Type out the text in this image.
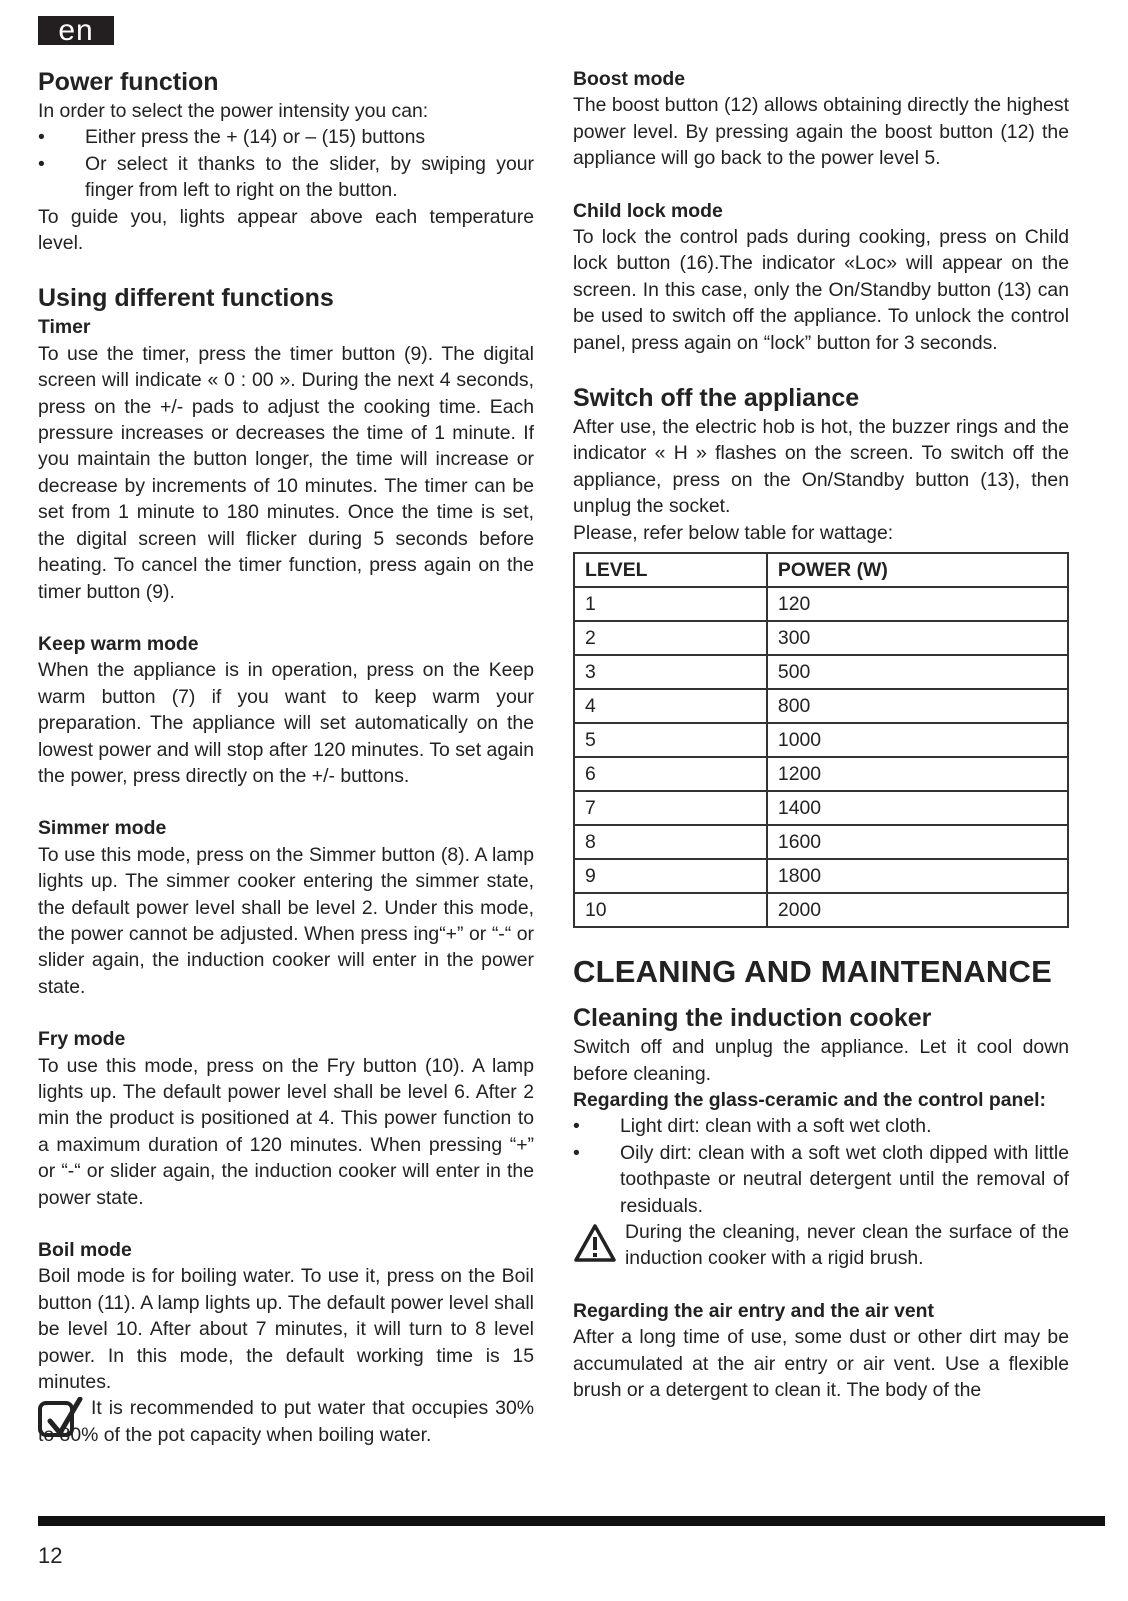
en
Power function

In order to select the power intensity you can:

• Either press the + (14) or – (15) buttons
• Or select it thanks to the slider, by swiping your finger from left to right on the button.

To guide you, lights appear above each temperature level.

Using different functions
Timer

To use the timer, press the timer button (9). The digital screen will indicate « 0 : 00 ». During the next 4 seconds, press on the +/- pads to adjust the cooking time. Each pressure increases or decreases the time of 1 minute. If you maintain the button longer, the time will increase or decrease by increments of 10 minutes. The timer can be set from 1 minute to 180 minutes. Once the time is set, the digital screen will flicker during 5 seconds before heating. To cancel the timer function, press again on the timer button (9).

Keep warm mode

When the appliance is in operation, press on the Keep warm button (7) if you want to keep warm your preparation. The appliance will set automatically on the lowest power and will stop after 120 minutes. To set again the power, press directly on the +/- buttons.

Simmer mode

To use this mode, press on the Simmer button (8). A lamp lights up. The simmer cooker entering the simmer state, the default power level shall be level 2. Under this mode, the power cannot be adjusted. When press ing“+” or “-“ or slider again, the induction cooker will enter in the power state.

Fry mode

To use this mode, press on the Fry button (10). A lamp lights up. The default power level shall be level 6. After 2 min the product is positioned at 4. This power function to a maximum duration of 120 minutes. When pressing “+” or “-“ or slider again, the induction cooker will enter in the power state.

Boil mode

Boil mode is for boiling water. To use it, press on the Boil button (11). A lamp lights up. The default power level shall be level 10. After about 7 minutes, it will turn to 8 level power. In this mode, the default working time is 15 minutes.

It is recommended to put water that occupies 30% to 80% of the pot capacity when boiling water.

Boost mode

The boost button (12) allows obtaining directly the highest power level. By pressing again the boost button (12) the appliance will go back to the power level 5.

Child lock mode

To lock the control pads during cooking, press on Child lock button (16).The indicator «Loc» will appear on the screen. In this case, only the On/Standby button (13) can be used to switch off the appliance. To unlock the control panel, press again on “lock” button for 3 seconds.

Switch off the appliance

After use, the electric hob is hot, the buzzer rings and the indicator « H » flashes on the screen. To switch off the appliance, press on the On/Standby button (13), then unplug the socket.

Please, refer below table for wattage:

LEVEL	POWER (W)
1	120
2	300
3	500
4	800
5	1000
6	1200
7	1400
8	1600
9	1800
10	2000
CLEANING AND MAINTENANCE
Cleaning the induction cooker

Switch off and unplug the appliance. Let it cool down before cleaning.

Regarding the glass-ceramic and the control panel:
• Light dirt: clean with a soft wet cloth.
• Oily dirt: clean with a soft wet cloth dipped with little toothpaste or neutral detergent until the removal of residuals.

During the cleaning, never clean the surface of the induction cooker with a rigid brush.

Regarding the air entry and the air vent

After a long time of use, some dust or other dirt may be accumulated at the air entry or air vent. Use a flexible brush or a detergent to clean it. The body of the

12
